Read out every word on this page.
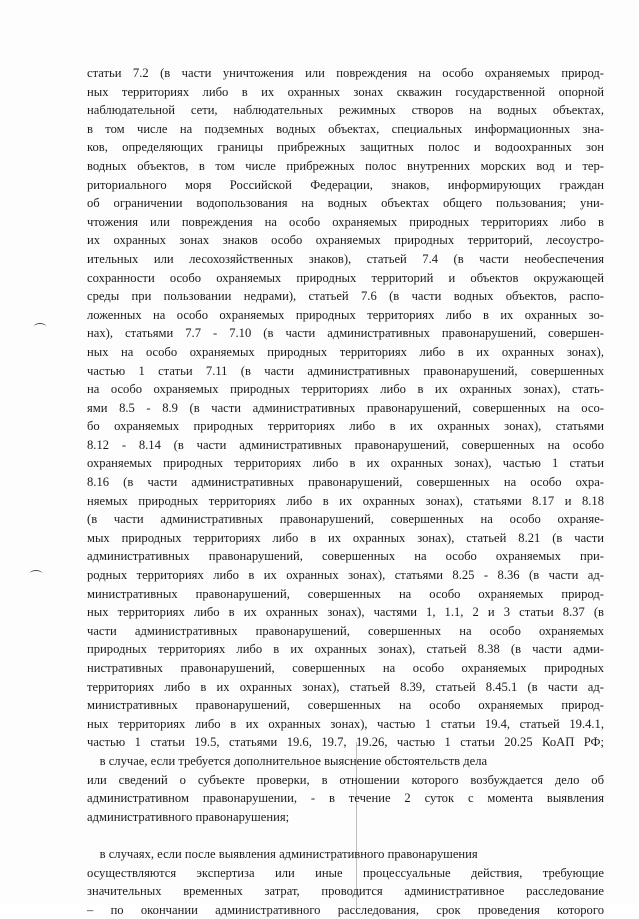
статьи 7.2 (в части уничтожения или повреждения на особо охраняемых природ-

ных территориях либо в их охранных зонах скважин государственной опорной

наблюдательной сети, наблюдательных режимных створов на водных объектах,

в том числе на подземных водных объектах, специальных информационных зна-

ков, определяющих границы прибрежных защитных полос и водоохранных зон

водных объектов, в том числе прибрежных полос внутренних морских вод и тер-

риториального моря Российской Федерации, знаков, информирующих граждан

об ограничении водопользования на водных объектах общего пользования; уни-

чтожения или повреждения на особо охраняемых природных территориях либо в

их охранных зонах знаков особо охраняемых природных территорий, лесоустро-

ительных или лесохозяйственных знаков), статьей 7.4 (в части необеспечения

сохранности особо охраняемых природных территорий и объектов окружающей

среды при пользовании недрами), статьей 7.6 (в части водных объектов, распо-

ложенных на особо охраняемых природных территориях либо в их охранных зо-

нах), статьями 7.7 - 7.10 (в части административных правонарушений, совершен-

ных на особо охраняемых природных территориях либо в их охранных зонах),

частью 1 статьи 7.11 (в части административных правонарушений, совершенных

на особо охраняемых природных территориях либо в их охранных зонах), стать-

ями 8.5 - 8.9 (в части административных правонарушений, совершенных на осо-

бо охраняемых природных территориях либо в их охранных зонах), статьями

8.12 - 8.14 (в части административных правонарушений, совершенных на особо

охраняемых природных территориях либо в их охранных зонах), частью 1 статьи

8.16 (в части административных правонарушений, совершенных на особо охра-

няемых природных территориях либо в их охранных зонах), статьями 8.17 и 8.18

(в части административных правонарушений, совершенных на особо охраняе-

мых природных территориях либо в их охранных зонах), статьей 8.21 (в части

административных правонарушений, совершенных на особо охраняемых при-

родных территориях либо в их охранных зонах), статьями 8.25 - 8.36 (в части ад-

министративных правонарушений, совершенных на особо охраняемых природ-

ных территориях либо в их охранных зонах), частями 1, 1.1, 2 и 3 статьи 8.37 (в

части административных правонарушений, совершенных на особо охраняемых

природных территориях либо в их охранных зонах), статьей 8.38 (в части адми-

нистративных правонарушений, совершенных на особо охраняемых природных

территориях либо в их охранных зонах), статьей 8.39, статьей 8.45.1 (в части ад-

министративных правонарушений, совершенных на особо охраняемых природ-

ных территориях либо в их охранных зонах), частью 1 статьи 19.4, статьей 19.4.1,

частью 1 статьи 19.5, статьями 19.6, 19.7, 19.26, частью 1 статьи 20.25 КоАП РФ;

в случае, если требуется дополнительное выяснение обстоятельств дела

или сведений о субъекте проверки, в отношении которого возбуждается дело об

административном правонарушении, - в течение 2 суток с момента выявления

административного правонарушения;

в случаях, если после выявления административного правонарушения

осуществляются экспертиза или иные процессуальные действия, требующие

значительных временных затрат, проводится административное расследование

– по окончании административного расследования, срок проведения которого
